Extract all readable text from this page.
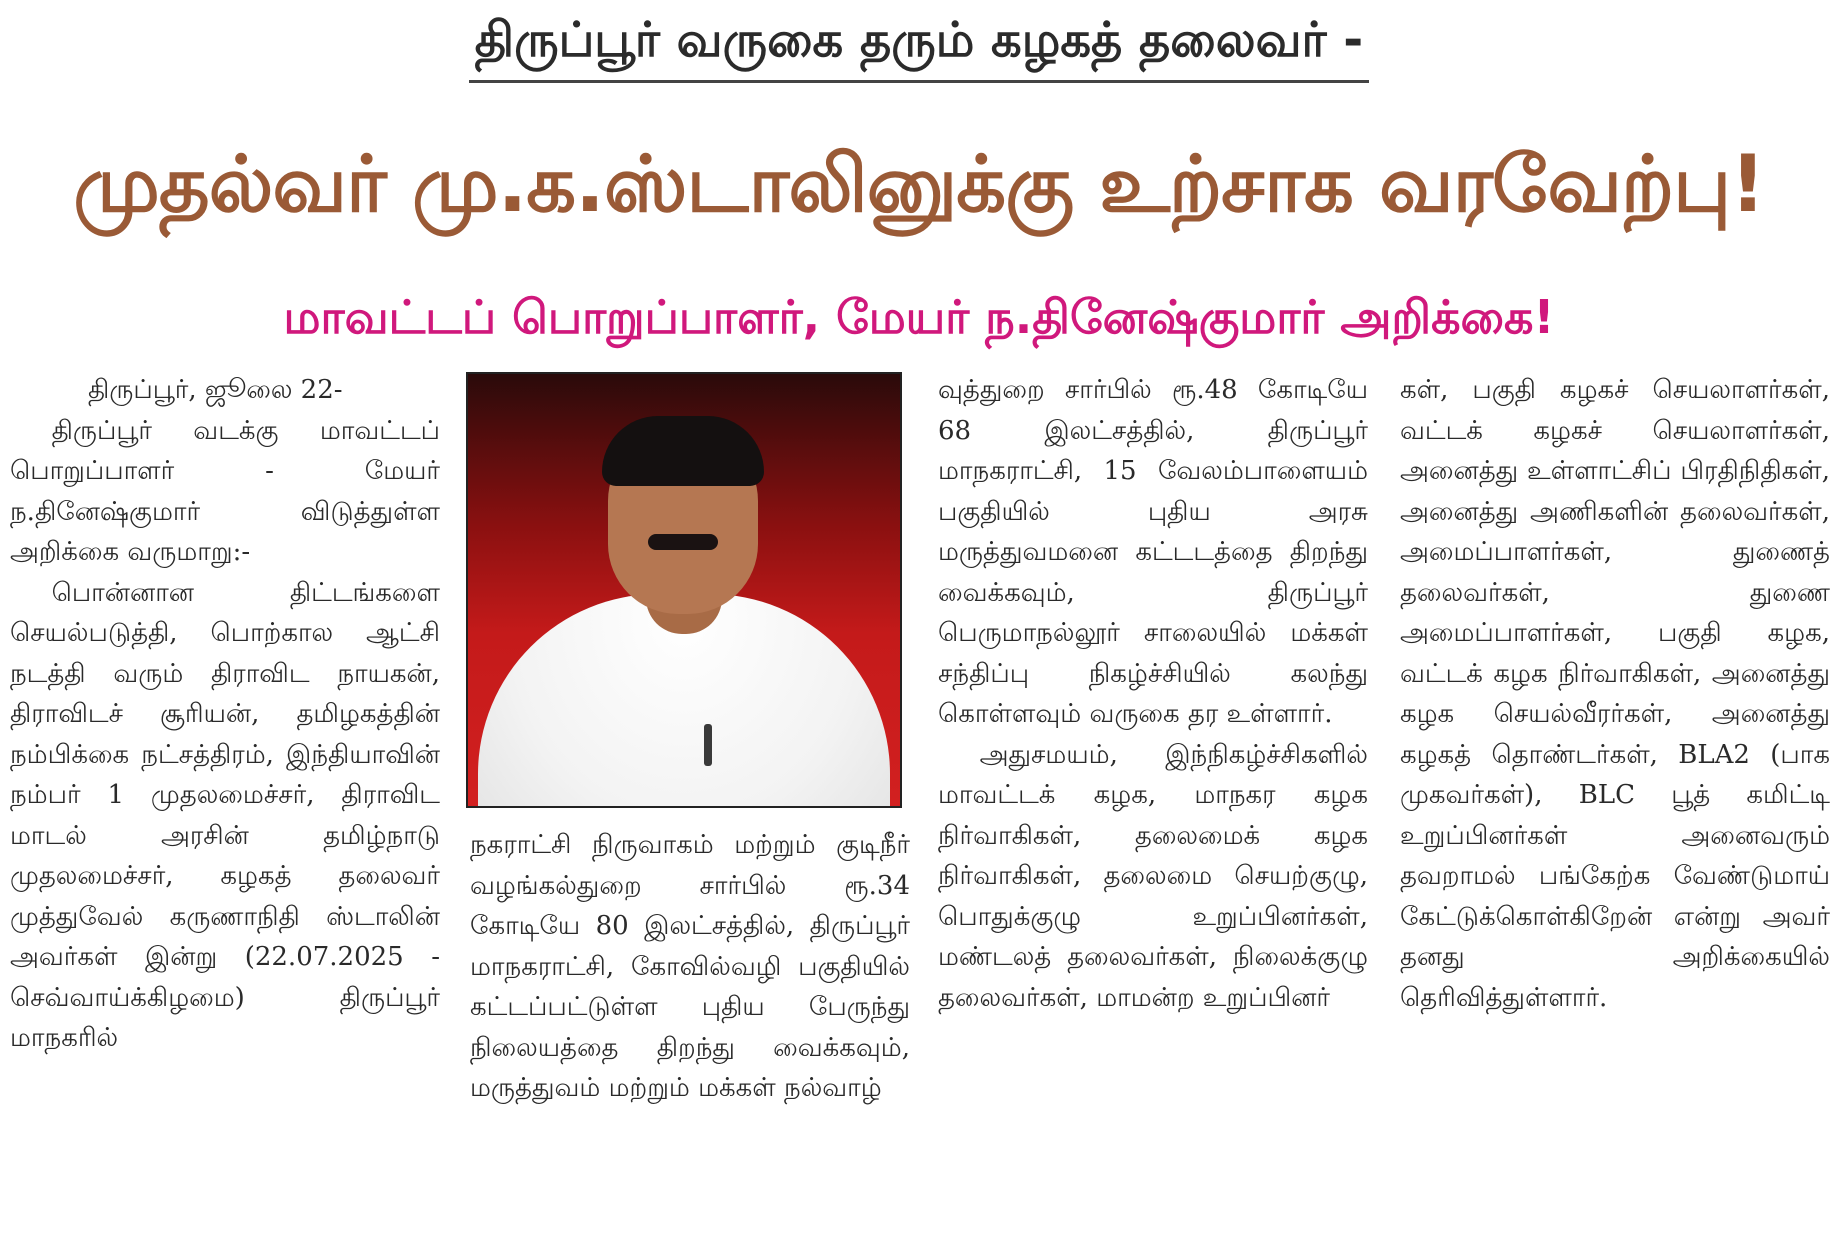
திருப்பூர் வருகை தரும் கழகத் தலைவர் -
முதல்வர் மு.க.ஸ்டாலினுக்கு உற்சாக வரவேற்பு!
மாவட்டப் பொறுப்பாளர், மேயர் ந.தினேஷ்குமார் அறிக்கை!

திருப்பூர், ஜூலை 22-

திருப்பூர் வடக்கு மாவட்டப் பொறுப்பாளர் - மேயர் ந.தினேஷ்குமார் விடுத்துள்ள அறிக்கை வருமாறு:-

பொன்னான திட்டங்களை செயல்படுத்தி, பொற்கால ஆட்சி நடத்தி வரும் திராவிட நாயகன், திராவிடச் சூரியன், தமிழகத்தின் நம்பிக்கை நட்சத்திரம், இந்தியாவின் நம்பர் 1 முதலமைச்சர், திராவிட மாடல் அரசின் தமிழ்நாடு முதலமைச்சர், கழகத் தலைவர் முத்துவேல் கருணாநிதி ஸ்டாலின் அவர்கள் இன்று (22.07.2025 - செவ்வாய்க்கிழமை) திருப்பூர் மாநகரில்

நகராட்சி நிருவாகம் மற்றும் குடிநீர் வழங்கல்துறை சார்பில் ரூ.34 கோடியே 80 இலட்சத்தில், திருப்பூர் மாநகராட்சி, கோவில்வழி பகுதியில் கட்டப்பட்டுள்ள புதிய பேருந்து நிலையத்தை திறந்து வைக்கவும், மருத்துவம் மற்றும் மக்கள் நல்வாழ்

வுத்துறை சார்பில் ரூ.48 கோடியே 68 இலட்சத்தில், திருப்பூர் மாநகராட்சி, 15 வேலம்பாளையம் பகுதியில் புதிய அரசு மருத்துவமனை கட்டடத்தை திறந்து வைக்கவும், திருப்பூர் பெருமாநல்லூர் சாலையில் மக்கள் சந்திப்பு நிகழ்ச்சியில் கலந்து கொள்ளவும் வருகை தர உள்ளார்.

அதுசமயம், இந்நிகழ்ச்சிகளில் மாவட்டக் கழக, மாநகர கழக நிர்வாகிகள், தலைமைக் கழக நிர்வாகிகள், தலைமை செயற்குழு, பொதுக்குழு உறுப்பினர்கள், மண்டலத் தலைவர்கள், நிலைக்குழு தலைவர்கள், மாமன்ற உறுப்பினர்

கள், பகுதி கழகச் செயலாளர்கள், வட்டக் கழகச் செயலாளர்கள், அனைத்து உள்ளாட்சிப் பிரதிநிதிகள், அனைத்து அணிகளின் தலைவர்கள், அமைப்பாளர்கள், துணைத் தலைவர்கள், துணை அமைப்பாளர்கள், பகுதி கழக, வட்டக் கழக நிர்வாகிகள், அனைத்து கழக செயல்வீரர்கள், அனைத்து கழகத் தொண்டர்கள், BLA2 (பாக முகவர்கள்), BLC பூத் கமிட்டி உறுப்பினர்கள் அனைவரும் தவறாமல் பங்கேற்க வேண்டுமாய் கேட்டுக்கொள்கிறேன் என்று அவர் தனது அறிக்கையில் தெரிவித்துள்ளார்.
